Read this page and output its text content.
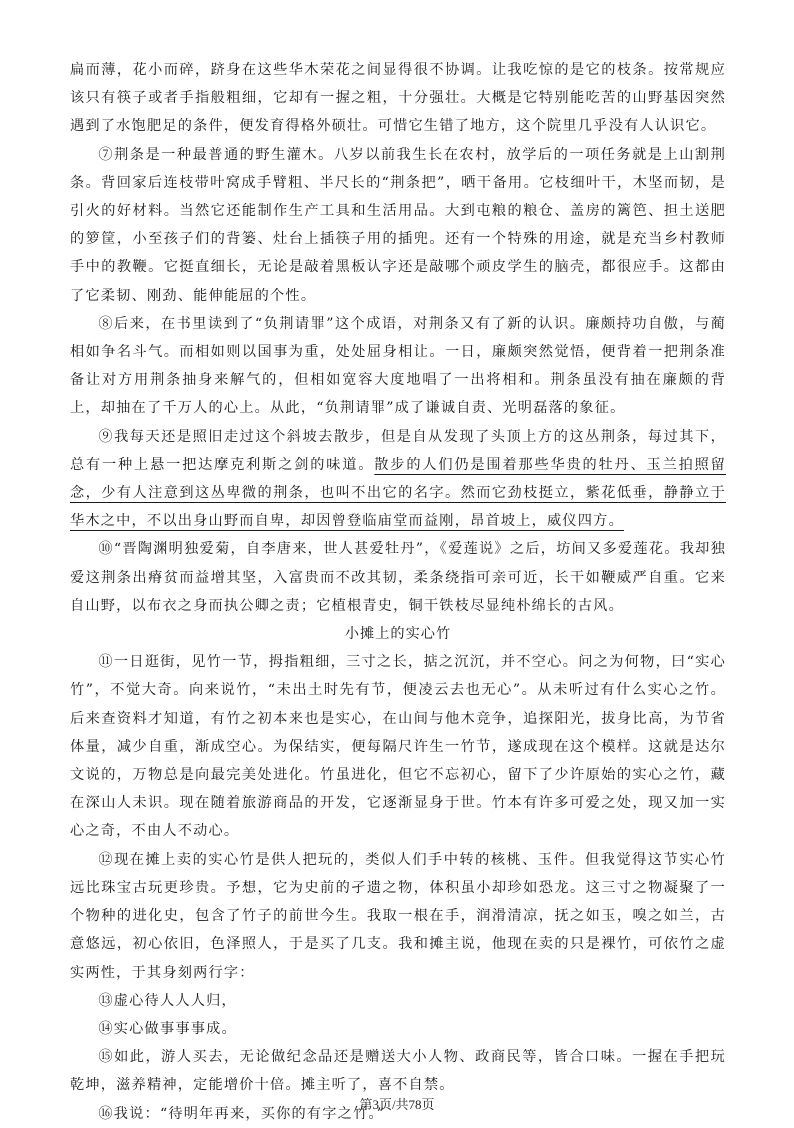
扁而薄，花小而碎，跻身在这些华木荣花之间显得很不协调。让我吃惊的是它的枝条。按常规应该只有筷子或者手指般粗细，它却有一握之粗，十分强壮。大概是它特别能吃苦的山野基因突然遇到了水饱肥足的条件，便发育得格外硕壮。可惜它生错了地方，这个院里几乎没有人认识它。

⑦荆条是一种最普通的野生灌木。八岁以前我生长在农村，放学后的一项任务就是上山割荆条。背回家后连枝带叶窝成手臂粗、半尺长的“荆条把”，晒干备用。它枝细叶干，木坚而韧，是引火的好材料。当然它还能制作生产工具和生活用品。大到屯粮的粮仓、盖房的篱笆、担土送肥的箩筐，小至孩子们的背篓、灶台上插筷子用的插兜。还有一个特殊的用途，就是充当乡村教师手中的教鞭。它挺直细长，无论是敲着黑板认字还是敲哪个顽皮学生的脑壳，都很应手。这都由了它柔韧、刚劲、能伸能屈的个性。

⑧后来，在书里读到了“负荆请罪”这个成语，对荆条又有了新的认识。廉颇持功自傲，与蔺相如争名斗气。而相如则以国事为重，处处屈身相让。一日，廉颇突然觉悟，便背着一把荆条准备让对方用荆条抽身来解气的，但相如宽容大度地唱了一出将相和。荆条虽没有抽在廉颇的背上，却抽在了千万人的心上。从此，“负荆请罪”成了谦诚自责、光明磊落的象征。

⑨我每天还是照旧走过这个斜坡去散步，但是自从发现了头顶上方的这丛荆条，每过其下，总有一种上悬一把达摩克利斯之剑的味道。散步的人们仍是围着那些华贵的牡丹、玉兰拍照留念，少有人注意到这丛卑微的荆条，也叫不出它的名字。然而它劲枝挺立，紫花低垂，静静立于华木之中，不以出身山野而自卑，却因曾登临庙堂而益刚，昂首坡上，威仪四方。

⑩“晋陶渊明独爱菊，自李唐来，世人甚爱牡丹”，《爱莲说》之后，坊间又多爱莲花。我却独爱这荆条出瘠贫而益增其坚，入富贵而不改其韧，柔条绕指可亲可近，长干如鞭威严自重。它来自山野，以布衣之身而执公卿之责；它植根青史，铜干铁枝尽显纯朴绵长的古风。

小摊上的实心竹

⑪一日逛街，见竹一节，拇指粗细，三寸之长，掂之沉沉，并不空心。问之为何物，曰“实心竹”，不觉大奇。向来说竹，“未出土时先有节，便凌云去也无心”。从未听过有什么实心之竹。后来查资料才知道，有竹之初本来也是实心，在山间与他木竞争，追探阳光，拔身比高，为节省体量，减少自重，渐成空心。为保结实，便每隔尺许生一竹节，遂成现在这个模样。这就是达尔文说的，万物总是向最完美处进化。竹虽进化，但它不忘初心，留下了少许原始的实心之竹，藏在深山人未识。现在随着旅游商品的开发，它逐渐显身于世。竹本有许多可爱之处，现又加一实心之奇，不由人不动心。

⑫现在摊上卖的实心竹是供人把玩的，类似人们手中转的核桃、玉件。但我觉得这节实心竹远比珠宝古玩更珍贵。予想，它为史前的孑遗之物，体积虽小却珍如恐龙。这三寸之物凝聚了一个物种的进化史，包含了竹子的前世今生。我取一根在手，润滑清凉，抚之如玉，嗅之如兰，古意悠远，初心依旧，色泽照人，于是买了几支。我和摊主说，他现在卖的只是裸竹，可依竹之虚实两性，于其身刻两行字：

⑬虚心待人人人归，

⑭实心做事事事成。

⑮如此，游人买去，无论做纪念品还是赠送大小人物、政商民等，皆合口味。一握在手把玩乾坤，滋养精神，定能增价十倍。摊主听了，喜不自禁。

⑯我说：“待明年再来，买你的有字之竹。”

第3页/共78页
